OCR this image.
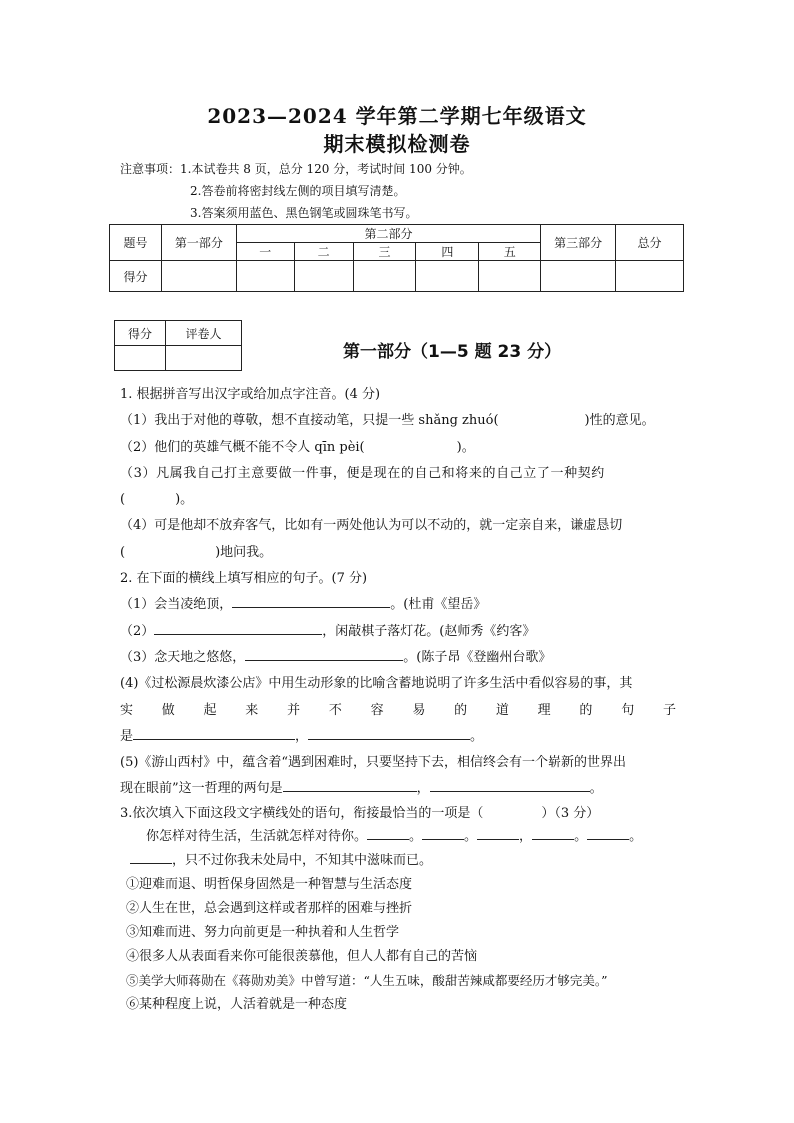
2023—2024 学年第二学期七年级语文
期末模拟检测卷
注意事项：1.本试卷共 8 页，总分 120 分，考试时间 100 分钟。
2.答卷前将密封线左侧的项目填写清楚。
3.答案须用蓝色、黑色钢笔或圆珠笔书写。
题号	第一部分	第二部分					第三部分	总分
		一	二	三	四	五		
得分								
得分	评卷人

第一部分（1—5 题 23 分）
1. 根据拼音写出汉字或给加点字注音。(4 分)
（1）我出于对他的尊敬，想不直接动笔，只提一些 shǎng zhuó(	)性的意见。
（2）他们的英雄气概不能不令人 qīn pèi(	)。
（3）凡属我自己打主意要做一件事，便是现在的自己和将来的自己立了一种契约
(	)。
（4）可是他却不放弃客气，比如有一两处他认为可以不动的，就一定亲自来，谦虚恳切
(	)地问我。
2. 在下面的横线上填写相应的句子。(7 分)
（1）会当凌绝顶，	。(杜甫《望岳》
（2）	，闲敲棋子落灯花。(赵师秀《约客》
（3）念天地之悠悠，	。(陈子昂《登幽州台歌》
(4)《过松源晨炊漆公店》中用生动形象的比喻含蓄地说明了许多生活中看似容易的事，其
实 做 起 来 并 不 容 易 的 道 理 的 句 子
是	，	。
(5)《游山西村》中，蕴含着“遇到困难时，只要坚持下去，相信终会有一个崭新的世界出
现在眼前”这一哲理的两句是	，	。
3.依次填入下面这段文字横线处的语句，衔接最恰当的一项是（	）（3 分）
你怎样对待生活，生活就怎样对待你。	。	。	，	。	。
，只不过你我未处局中，不知其中滋味而已。
①迎难而退、明哲保身固然是一种智慧与生活态度
②人生在世，总会遇到这样或者那样的困难与挫折
③知难而进、努力向前更是一种执着和人生哲学
④很多人从表面看来你可能很羡慕他，但人人都有自己的苦恼
⑤美学大师蒋勋在《蒋勋劝美》中曾写道：“人生五味，酸甜苦辣咸都要经历才够完美。”
⑥某种程度上说，人活着就是一种态度
